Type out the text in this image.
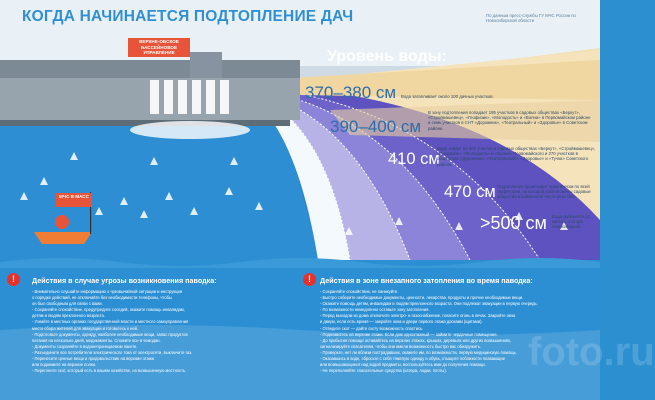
КОГДА НАЧИНАЕТСЯ ПОДТОПЛЕНИЕ ДАЧ	По данным пресс-службы ГУ МЧС России по Новосибирской области
ВЕРХНЕ-ОБСКОЕ БАССЕЙНОВОЕ УПРАВЛЕНИЕ	Уровень воды:
370–380 см Вода затапливает около 100 дачных участков.
390–400 см
В зону подтопления попадает 195 участков в садовых обществах «Беркут», «Строймашевец», «Геофизик», «Молодость» и «Волна» в Первомайском районе и семь участков в СНТ «Дорожник», «Театральный» и «Здоровье» в Советском районе.
410 см
Вода зайдет на 304 участка в садовых обществах «Беркут», «Строймашевец», «Геофизик», «Молодость» и «Волна» Первомайского и 270 участков в обществах «Дорожник», «Театральный», «Здоровье» и «Тучка» Советского района.
470 см Подтопление происходит практически по всей территории, на которой расположены садовые общества в пойменной части реки Обь.
>500 см Вода доберется до жилого сектора Новосибирска
МЧС В МАСС
!	Действия в случае угрозы возникновения паводка:
- Внимательно слушайте информацию о чрезвычайной ситуации и инструкции
о порядке действий, не отключайте без необходимости телефоны, чтобы
он был свободным для связи с вами.
- Сохраняйте спокойствие, предупредите соседей, окажите помощь инвалидам,
детям и людям преклонного возраста.
- Узнайте в местных органах государственной власти и местного самоуправления
место сбора жителей для эвакуации и готовьтесь к ней.
- Подготовьте документы, одежду, наиболее необходимые вещи, запас продуктов
питания на несколько дней, медикаменты. Сложите все в чемодан.
- Документы сохраняйте в водонепроницаемом пакете.
- Разъедините все потребители электрического тока от электросети, выключите газ.
- Перенесите ценные вещи и продовольствие на верхние этажи
или поднимите на верхние полки.
- Перегоните скот, который есть в вашем хозяйстве, на возвышенную местность.
!	Действия в зоне внезапного затопления во время паводка:
- Сохраняйте спокойствие, не паникуйте.
- Быстро соберите необходимые документы, ценности, лекарства, продукты и прочие необходимые вещи.
- Окажите помощь детям, инвалидам и людям преклонного возраста. Они подлежат эвакуации в первую очередь.
- По возможности немедленно оставьте зону затопления.
- Перед выходом из дома отключите электро- и газоснабжение, погасите огонь в печах. Закройте окна
и двери, если есть время — закройте окна и двери первого этажа досками (щитами).
- Отведите скот — дайте скоту возможность спастись.
- Поднимитесь на верхние этажи. Если дом одноэтажный — займите чердачные помещения.
- До прибытия помощи оставайтесь на верхних этажах, крышах, деревьях или других возвышениях,
сигнализируйте спасателям, чтобы они имели возможность быстро вас обнаружить.
- Проверьте, нет ли вблизи пострадавших, окажите им, по возможности, первую медицинскую помощь.
- Оказавшись в воде, сбросьте с себя тяжелую одежду и обувь, отыщите поблизости плавающие
или возвышающиеся над водой предметы, воспользуйтесь ими до получения помощи.
- Не переполняйте спасательные средства (катера, лодки, плоты).	foto.ru
